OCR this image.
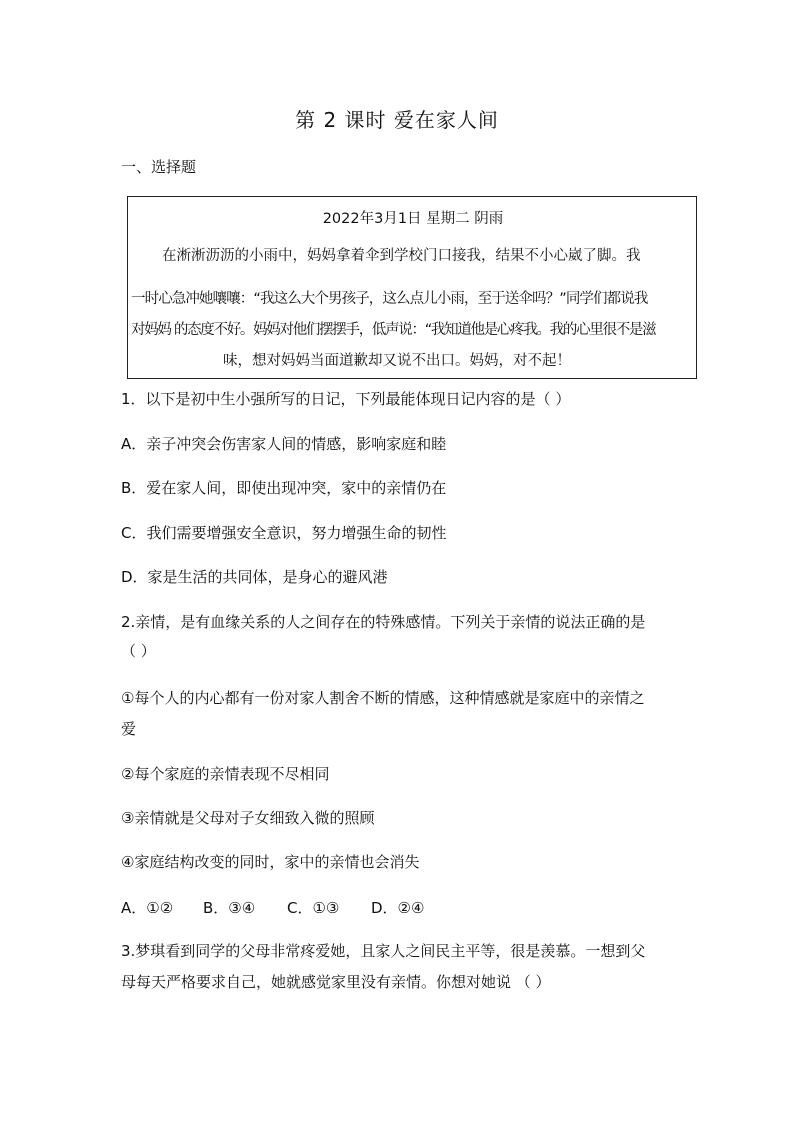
第 2 课时 爱在家人间
一、选择题
2022年3月1日 星期二 阴雨
在淅淅沥沥的小雨中，妈妈拿着伞到学校门口接我，结果不小心崴了脚。我
一时心急冲她嚷嚷：“我这么大个男孩子，这么点儿小雨，至于送伞吗？”同学们都说我
对妈妈 的态度不好。妈妈对他们摆摆手，低声说：“我知道他是心疼我。我的心里很不是滋
味，想对妈妈当面道歉却又说不出口。妈妈，对不起！
1．以下是初中生小强所写的日记，下列最能体现日记内容的是（ ）
A．亲子冲突会伤害家人间的情感，影响家庭和睦
B．爱在家人间，即使出现冲突，家中的亲情仍在
C．我们需要增强安全意识，努力增强生命的韧性
D．家是生活的共同体，是身心的避风港
2.亲情，是有血缘关系的人之间存在的特殊感情。下列关于亲情的说法正确的是
（ ）
①每个人的内心都有一份对家人割舍不断的情感，这种情感就是家庭中的亲情之
爱
②每个家庭的亲情表现不尽相同
③亲情就是父母对子女细致入微的照顾
④家庭结构改变的同时，家中的亲情也会消失
A．①② B．③④ C．①③ D．②④
3.梦琪看到同学的父母非常疼爱她，且家人之间民主平等，很是羡慕。一想到父
母每天严格要求自己，她就感觉家里没有亲情。你想对她说 （ ）
